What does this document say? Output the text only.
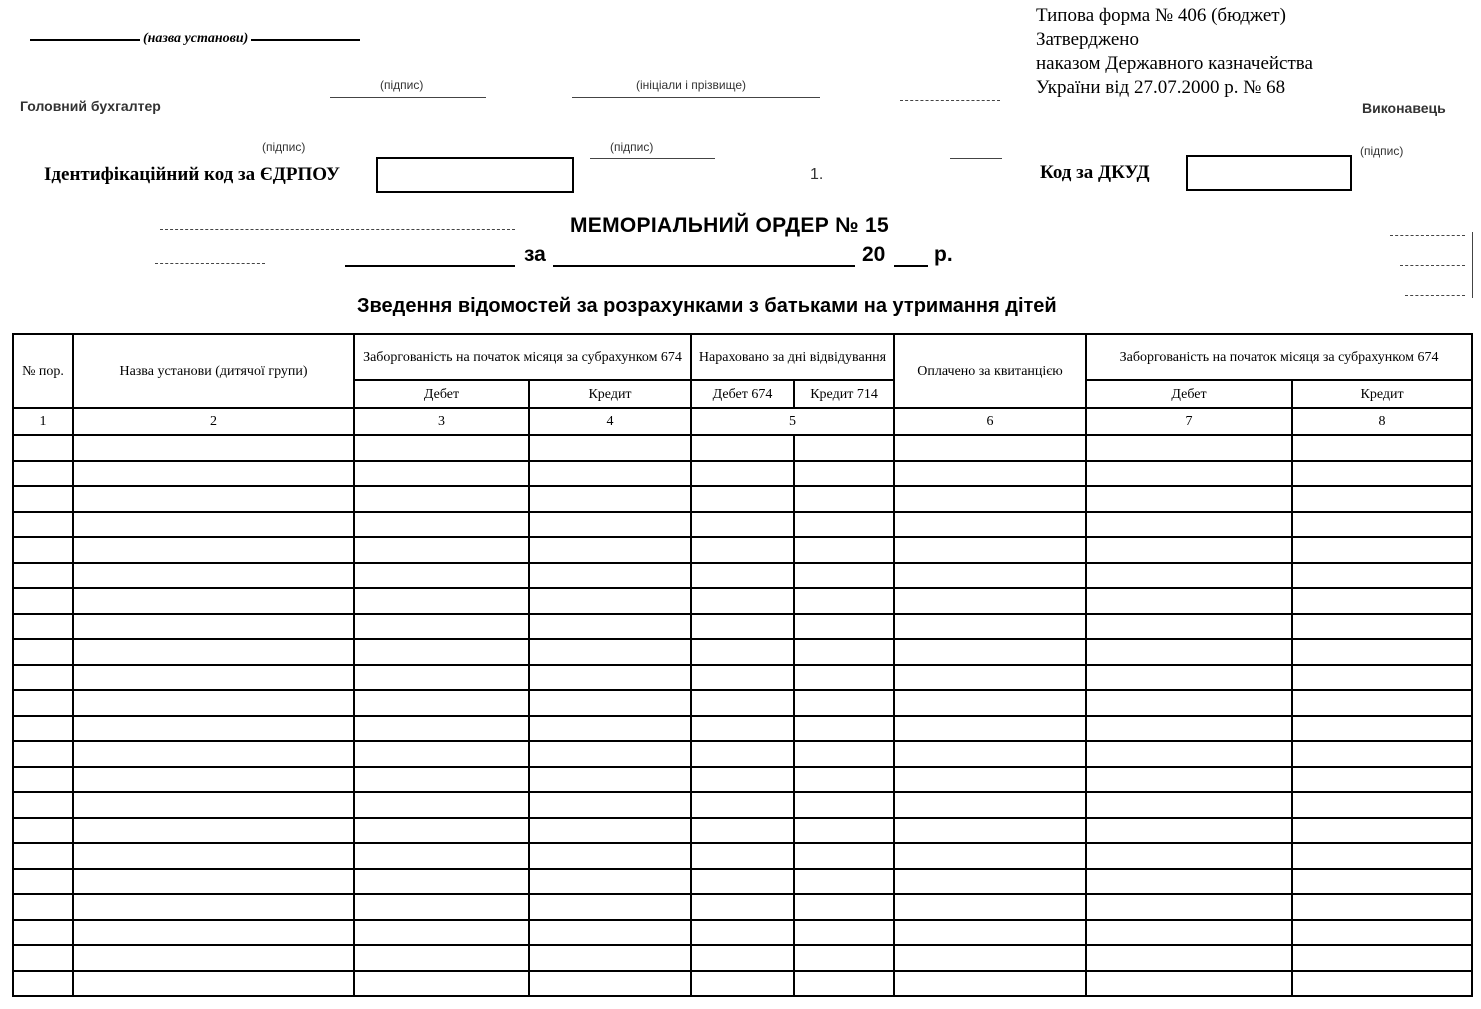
(назва установи)
(підпис)	(ініціали і прізвище)
Головний бухгалтер	Виконавець
(підпис)	(підпис)	(підпис)
1.
Типова форма № 406 (бюджет)
Затверджено
наказом Державного казначейства
України від 27.07.2000 р. № 68
Ідентифікаційний код за ЄДРПОУ	Код за ДКУД
МЕМОРІАЛЬНИЙ ОРДЕР № 15
за	20 р.
Зведення відомостей за розрахунками з батьками на утримання дітей
№ пор.	Назва установи (дитячої групи)	Заборгованість на початок місяця за субрахунком 674		Нараховано за дні відвідування		Оплачено за квитанцією	Заборгованість на початок місяця за субрахунком 674	
		Дебет	Кредит	Дебет 674	Кредит 714		Дебет	Кредит
1	2	3	4	5		6	7	8
